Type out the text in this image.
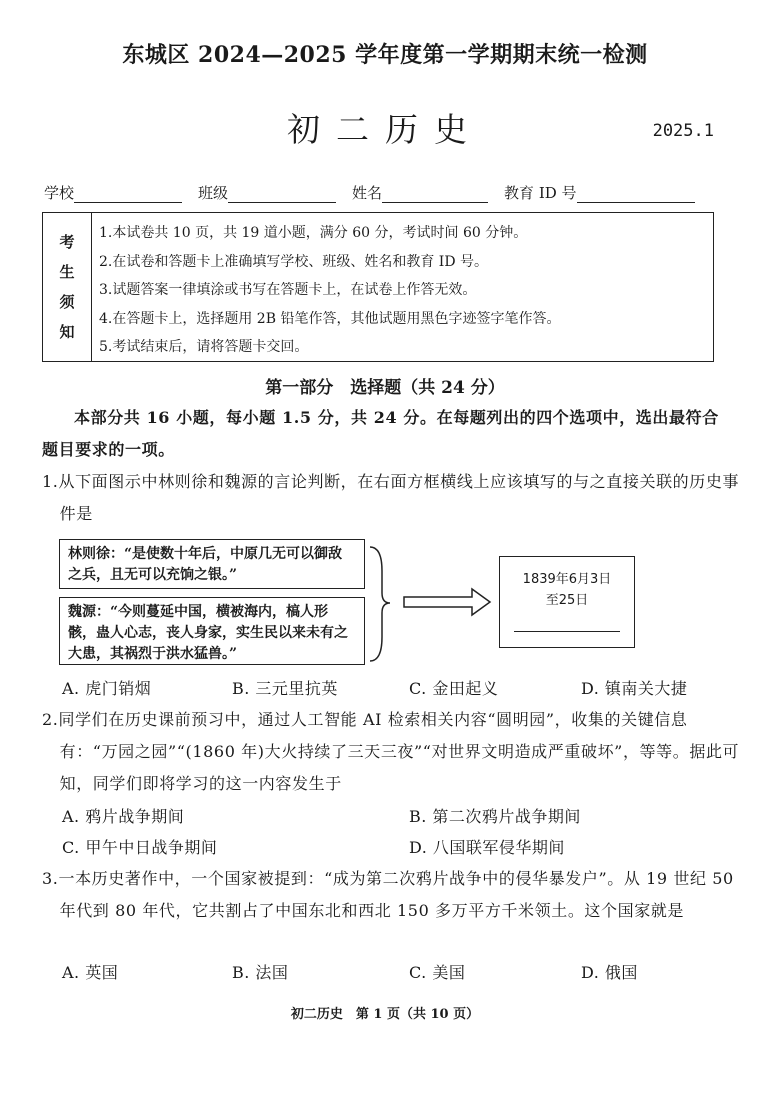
东城区 2024—2025 学年度第一学期期末统一检测
初二历史	2025.1
学校	班级	姓名	教育 ID 号
考
生
须
知
1.本试卷共 10 页，共 19 道小题，满分 60 分，考试时间 60 分钟。
2.在试卷和答题卡上准确填写学校、班级、姓名和教育 ID 号。
3.试题答案一律填涂或书写在答题卡上，在试卷上作答无效。
4.在答题卡上，选择题用 2B 铅笔作答，其他试题用黑色字迹签字笔作答。
5.考试结束后，请将答题卡交回。
第一部分　选择题（共 24 分）
本部分共 16 小题，每小题 1.5 分，共 24 分。在每题列出的四个选项中，选出最符合题目要求的一项。
1.从下面图示中林则徐和魏源的言论判断，在右面方框横线上应该填写的与之直接关联的历史事件是
林则徐：“是使数十年后，中原几无可以御敌之兵，且无可以充饷之银。”
魏源：“今则蔓延中国，横被海内，槁人形骸，蛊人心志，丧人身家，实生民以来未有之大患，其祸烈于洪水猛兽。”
1839年6月3日
至25日
A. 虎门销烟	B. 三元里抗英	C. 金田起义	D. 镇南关大捷
2.同学们在历史课前预习中，通过人工智能 AI 检索相关内容“圆明园”，收集的关键信息有：“万园之园”“(1860 年)大火持续了三天三夜”“对世界文明造成严重破坏”，等等。据此可知，同学们即将学习的这一内容发生于
A. 鸦片战争期间	B. 第二次鸦片战争期间
C. 甲午中日战争期间	D. 八国联军侵华期间
3.一本历史著作中，一个国家被提到：“成为第二次鸦片战争中的侵华暴发户”。从 19 世纪 50 年代到 80 年代，它共割占了中国东北和西北 150 多万平方千米领土。这个国家就是
A. 英国	B. 法国	C. 美国	D. 俄国
初二历史　第 1 页（共 10 页）
